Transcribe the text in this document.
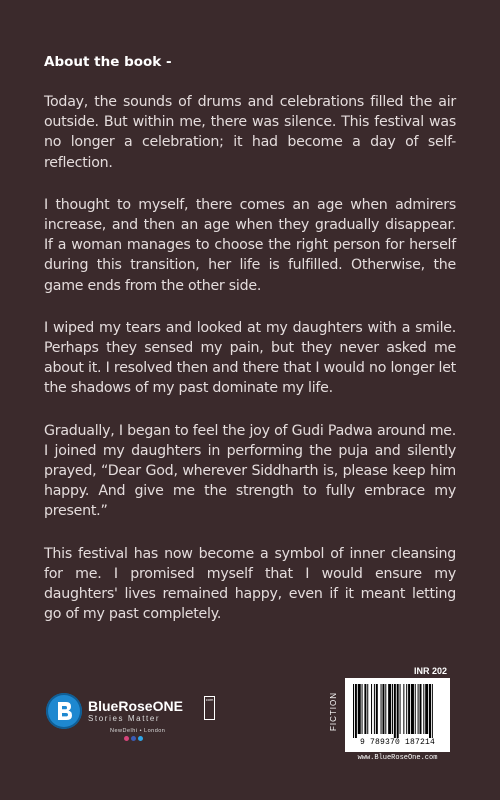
About the book -

Today, the sounds of drums and celebrations filled the air outside. But within me, there was silence. This festival was no longer a celebration; it had become a day of self-reflection.

I thought to myself, there comes an age when admirers increase, and then an age when they gradually disappear. If a woman manages to choose the right person for herself during this transition, her life is fulfilled. Otherwise, the game ends from the other side.

I wiped my tears and looked at my daughters with a smile. Perhaps they sensed my pain, but they never asked me about it. I resolved then and there that I would no longer let the shadows of my past dominate my life.

Gradually, I began to feel the joy of Gudi Padwa around me. I joined my daughters in performing the puja and silently prayed, “Dear God, wherever Siddharth is, please keep him happy. And give me the strength to fully embrace my present.”

This festival has now become a symbol of inner cleansing for me. I promised myself that I would ensure my daughters' lives remained happy, even if it meant letting go of my past completely.

BlueRoseONE	com
Stories Matter
NewDelhi • London
INR 202
FICTION
9 789370 187214
www.BlueRoseOne.com
